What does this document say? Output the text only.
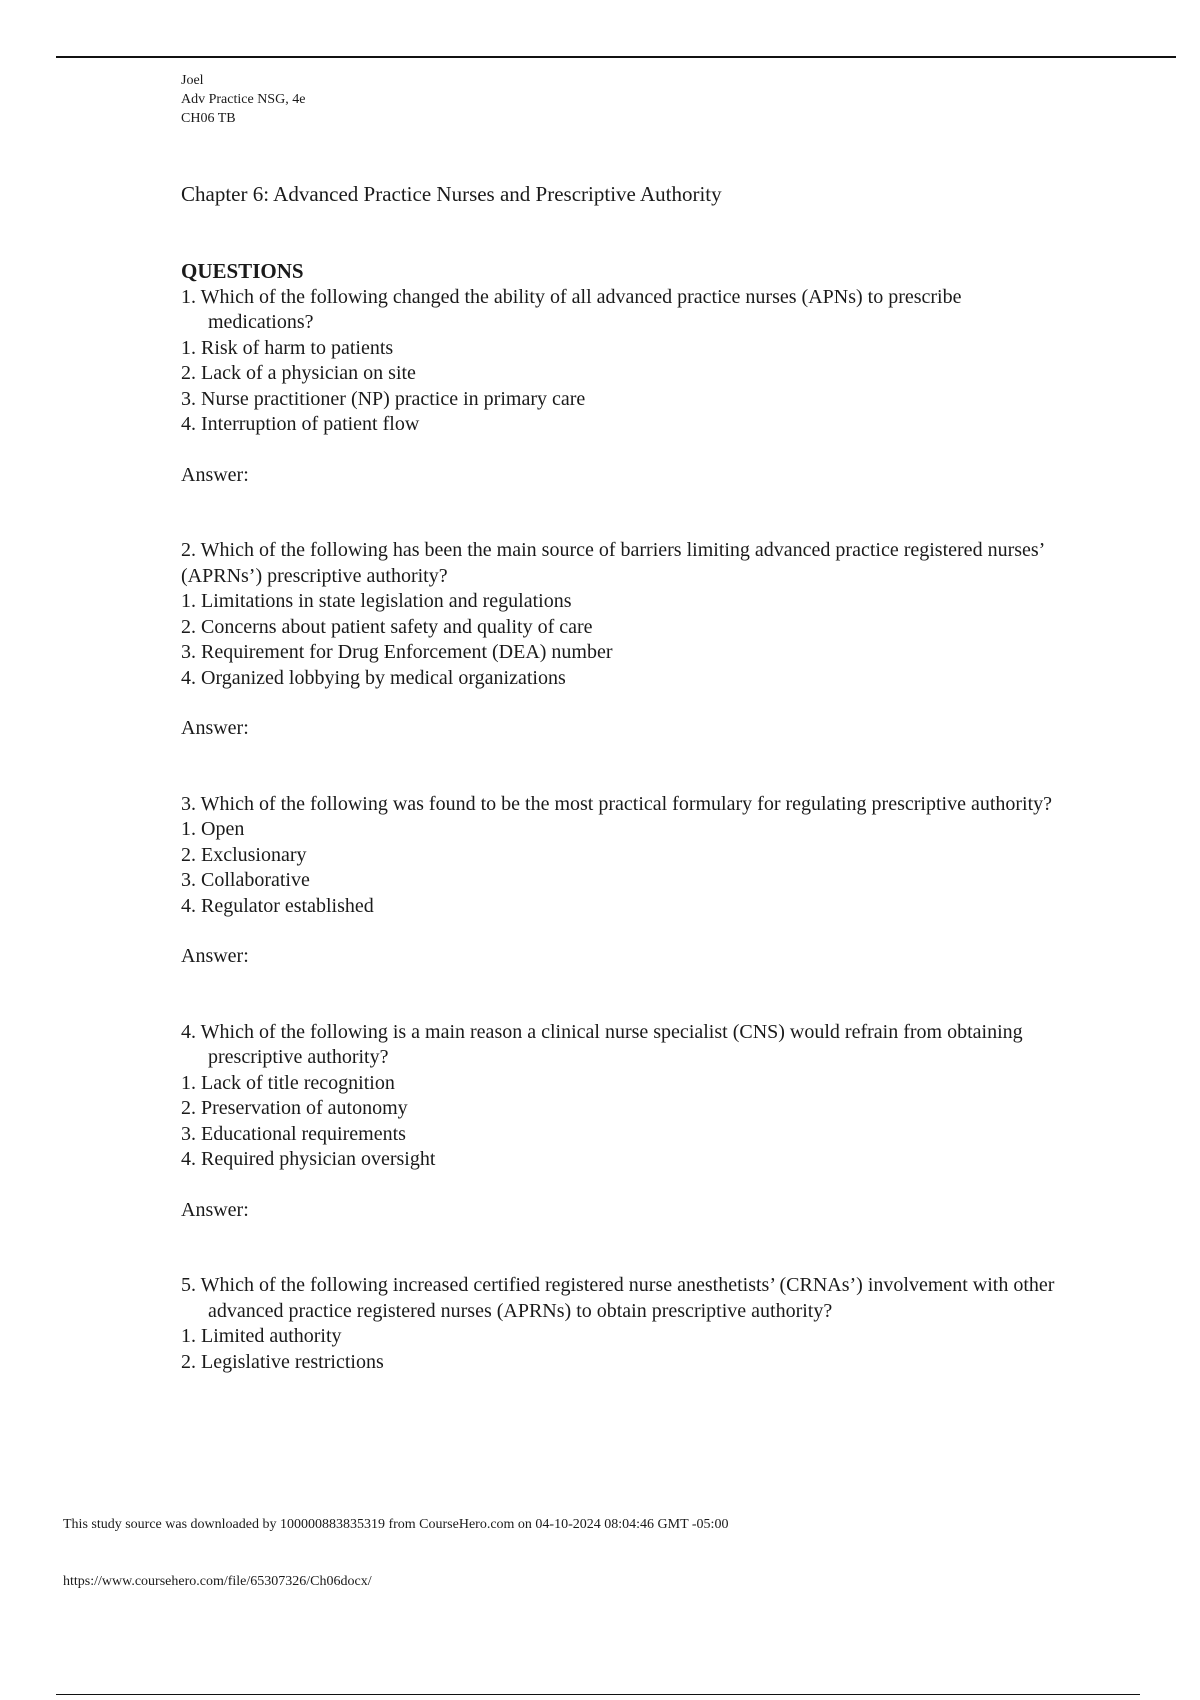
Joel
Adv Practice NSG, 4e
CH06 TB
Chapter 6: Advanced Practice Nurses and Prescriptive Authority
QUESTIONS
1. Which of the following changed the ability of all advanced practice nurses (APNs) to prescribe medications?
1. Risk of harm to patients
2. Lack of a physician on site
3. Nurse practitioner (NP) practice in primary care
4. Interruption of patient flow
Answer:
2. Which of the following has been the main source of barriers limiting advanced practice registered nurses’ (APRNs’) prescriptive authority?
1. Limitations in state legislation and regulations
2. Concerns about patient safety and quality of care
3. Requirement for Drug Enforcement (DEA) number
4. Organized lobbying by medical organizations
Answer:
3. Which of the following was found to be the most practical formulary for regulating prescriptive authority?
1. Open
2. Exclusionary
3. Collaborative
4. Regulator established
Answer:
4. Which of the following is a main reason a clinical nurse specialist (CNS) would refrain from obtaining prescriptive authority?
1. Lack of title recognition
2. Preservation of autonomy
3. Educational requirements
4. Required physician oversight
Answer:
5. Which of the following increased certified registered nurse anesthetists’ (CRNAs’) involvement with other advanced practice registered nurses (APRNs) to obtain prescriptive authority?
1. Limited authority
2. Legislative restrictions
This study source was downloaded by 100000883835319 from CourseHero.com on 04-10-2024 08:04:46 GMT -05:00
https://www.coursehero.com/file/65307326/Ch06docx/
